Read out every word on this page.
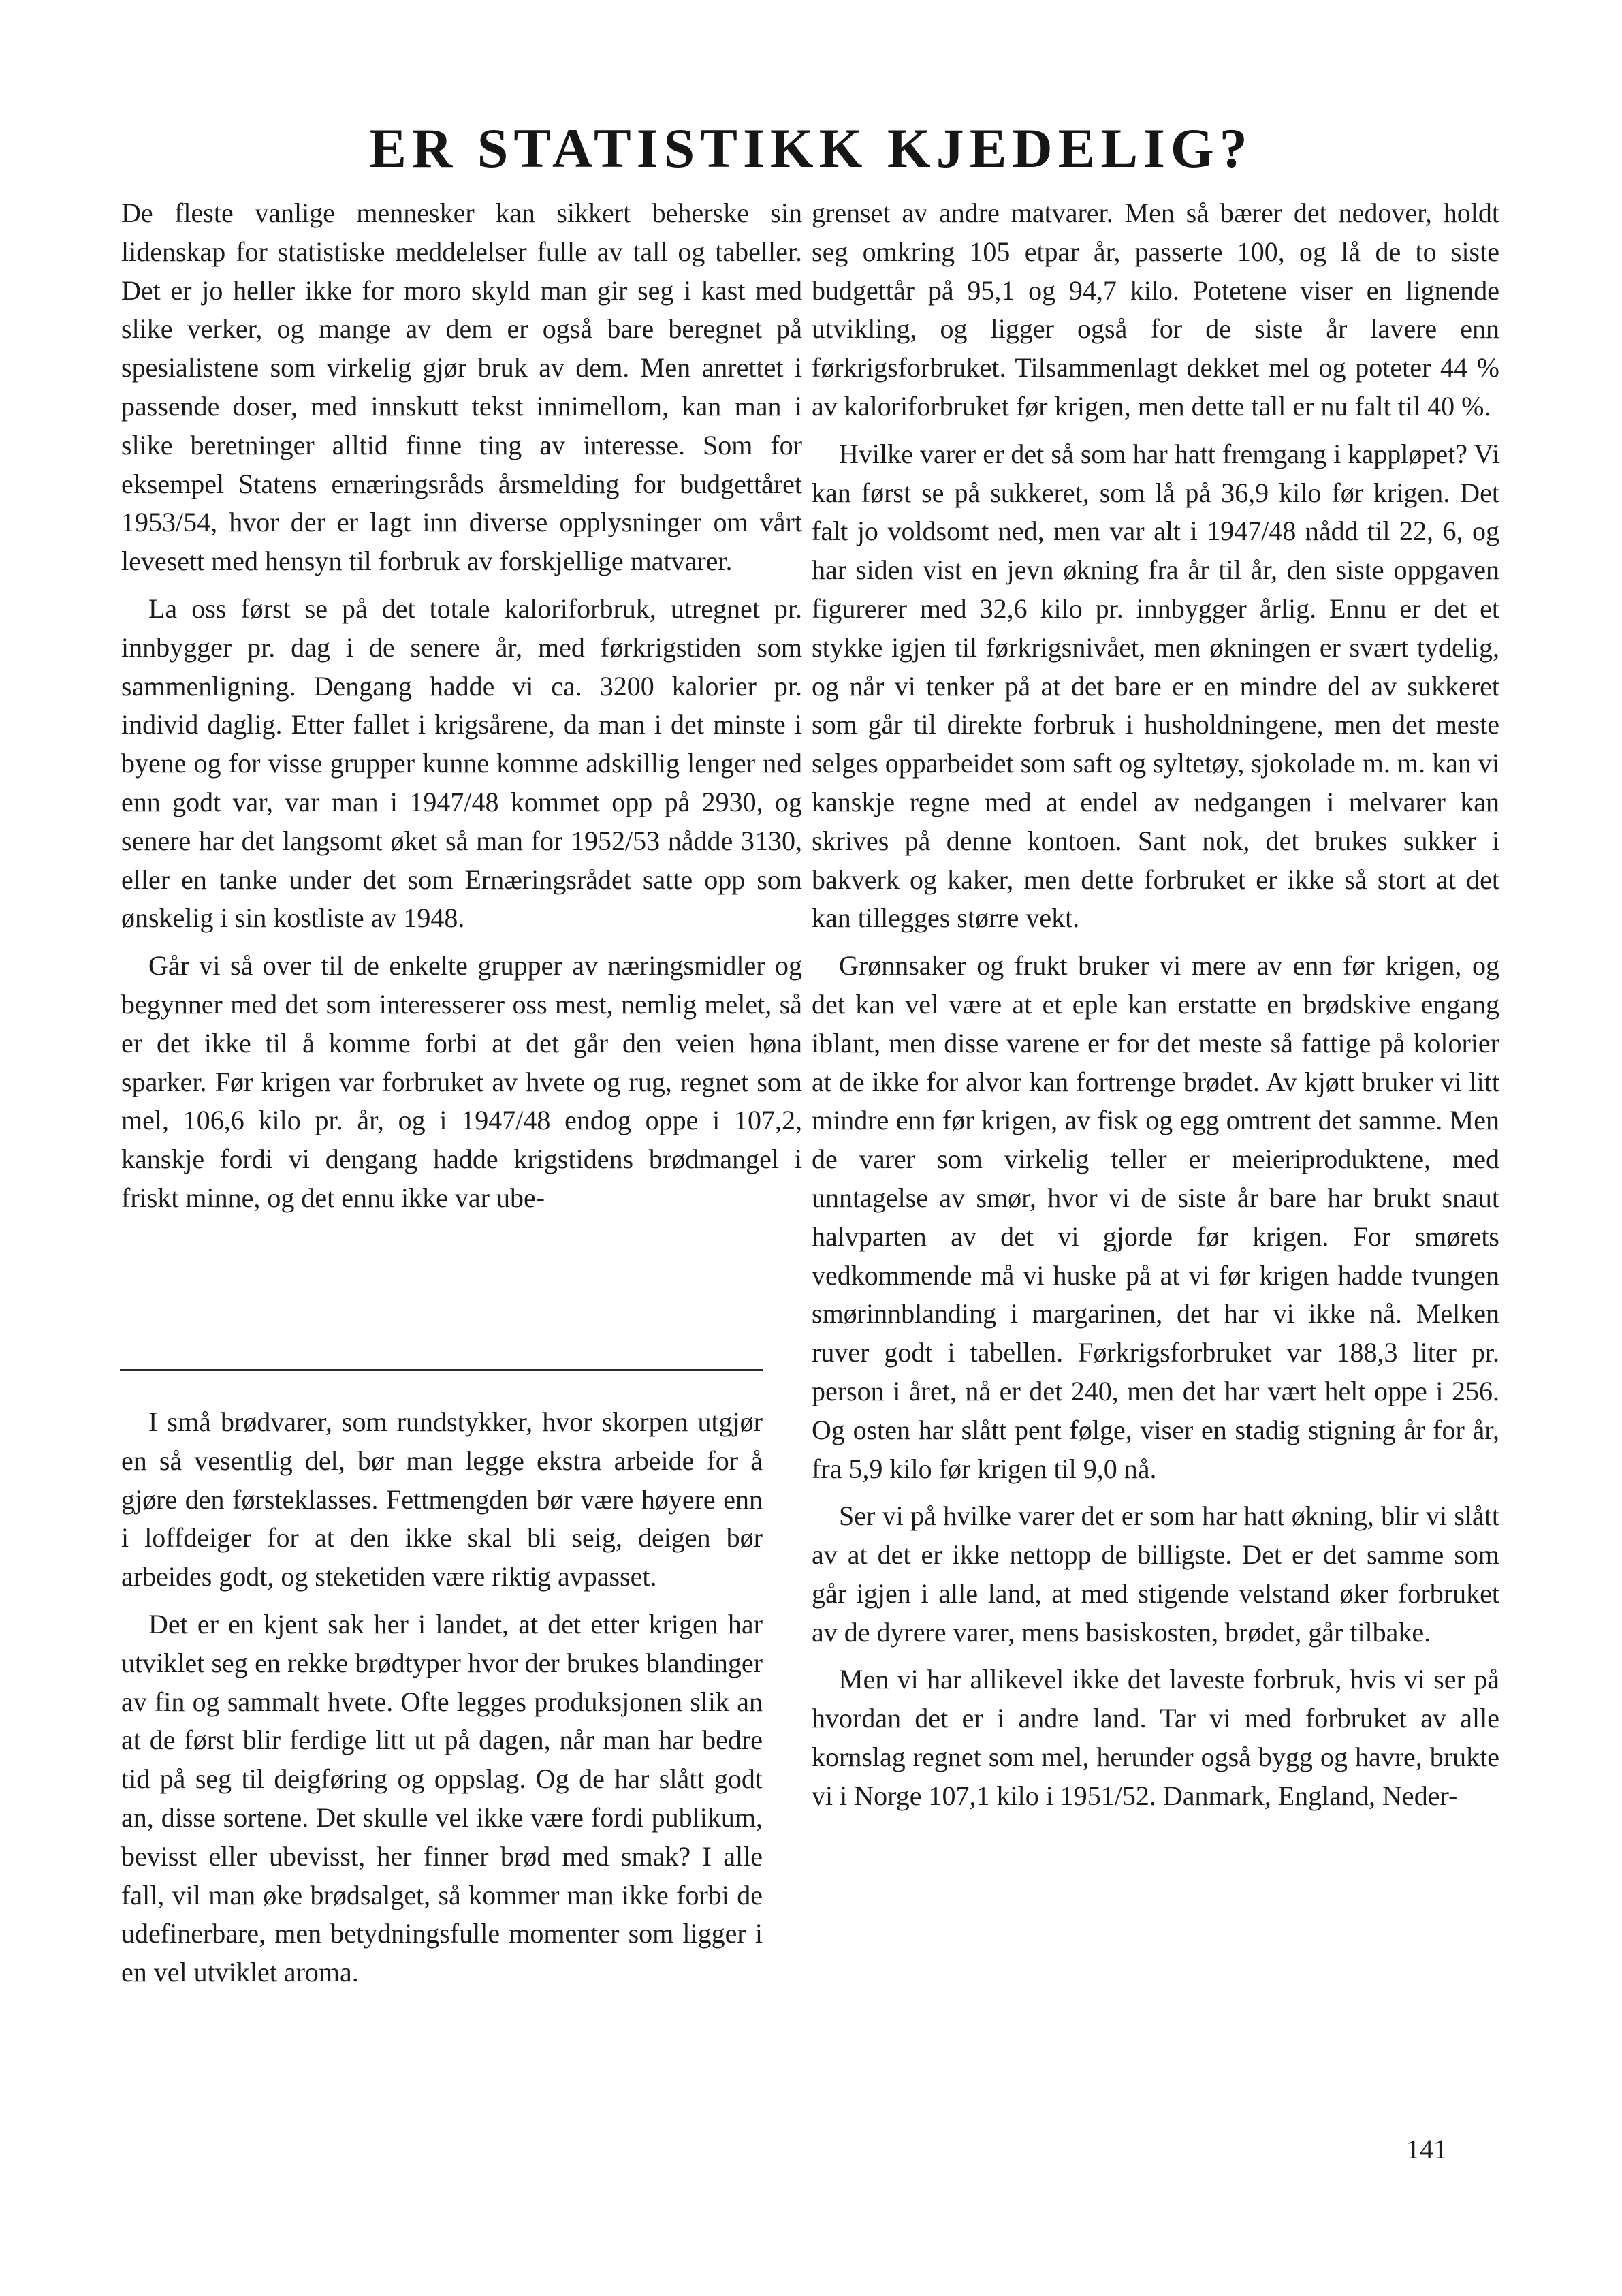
ER STATISTIKK KJEDELIG?

De fleste vanlige mennesker kan sikkert beherske sin lidenskap for statistiske meddelelser fulle av tall og tabeller. Det er jo heller ikke for moro skyld man gir seg i kast med slike verker, og mange av dem er også bare beregnet på spesialistene som virkelig gjør bruk av dem. Men anrettet i passende doser, med innskutt tekst innimellom, kan man i slike beretninger alltid finne ting av interesse. Som for eksempel Statens ernæringsråds årsmelding for budgettåret 1953/54, hvor der er lagt inn diverse opplysninger om vårt levesett med hensyn til forbruk av forskjellige matvarer.

La oss først se på det totale kaloriforbruk, utregnet pr. innbygger pr. dag i de senere år, med førkrigstiden som sammenligning. Dengang hadde vi ca. 3200 kalorier pr. individ daglig. Etter fallet i krigsårene, da man i det minste i byene og for visse grupper kunne komme adskillig lenger ned enn godt var, var man i 1947/48 kommet opp på 2930, og senere har det langsomt øket så man for 1952/53 nådde 3130, eller en tanke under det som Ernæringsrådet satte opp som ønskelig i sin kostliste av 1948.

Går vi så over til de enkelte grupper av næringsmidler og begynner med det som interesserer oss mest, nemlig melet, så er det ikke til å komme forbi at det går den veien høna sparker. Før krigen var forbruket av hvete og rug, regnet som mel, 106,6 kilo pr. år, og i 1947/48 endog oppe i 107,2, kanskje fordi vi dengang hadde krigstidens brødmangel i friskt minne, og det ennu ikke var ube-

I små brødvarer, som rundstykker, hvor skorpen utgjør en så vesentlig del, bør man legge ekstra arbeide for å gjøre den førsteklasses. Fettmengden bør være høyere enn i loffdeiger for at den ikke skal bli seig, deigen bør arbeides godt, og steketiden være riktig avpasset.

Det er en kjent sak her i landet, at det etter krigen har utviklet seg en rekke brødtyper hvor der brukes blandinger av fin og sammalt hvete. Ofte legges produksjonen slik an at de først blir ferdige litt ut på dagen, når man har bedre tid på seg til deigføring og oppslag. Og de har slått godt an, disse sortene. Det skulle vel ikke være fordi publikum, bevisst eller ubevisst, her finner brød med smak? I alle fall, vil man øke brødsalget, så kommer man ikke forbi de udefinerbare, men betydningsfulle momenter som ligger i en vel utviklet aroma.

grenset av andre matvarer. Men så bærer det nedover, holdt seg omkring 105 etpar år, passerte 100, og lå de to siste budgettår på 95,1 og 94,7 kilo. Potetene viser en lignende utvikling, og ligger også for de siste år lavere enn førkrigsforbruket. Tilsammenlagt dekket mel og poteter 44 % av kaloriforbruket før krigen, men dette tall er nu falt til 40 %.

Hvilke varer er det så som har hatt fremgang i kappløpet? Vi kan først se på sukkeret, som lå på 36,9 kilo før krigen. Det falt jo voldsomt ned, men var alt i 1947/48 nådd til 22, 6, og har siden vist en jevn økning fra år til år, den siste oppgaven figurerer med 32,6 kilo pr. innbygger årlig. Ennu er det et stykke igjen til førkrigsnivået, men økningen er svært tydelig, og når vi tenker på at det bare er en mindre del av sukkeret som går til direkte forbruk i husholdningene, men det meste selges opparbeidet som saft og syltetøy, sjokolade m. m. kan vi kanskje regne med at endel av nedgangen i melvarer kan skrives på denne kontoen. Sant nok, det brukes sukker i bakverk og kaker, men dette forbruket er ikke så stort at det kan tillegges større vekt.

Grønnsaker og frukt bruker vi mere av enn før krigen, og det kan vel være at et eple kan erstatte en brødskive engang iblant, men disse varene er for det meste så fattige på kolorier at de ikke for alvor kan fortrenge brødet. Av kjøtt bruker vi litt mindre enn før krigen, av fisk og egg omtrent det samme. Men de varer som virkelig teller er meieriproduktene, med unntagelse av smør, hvor vi de siste år bare har brukt snaut halvparten av det vi gjorde før krigen. For smørets vedkommende må vi huske på at vi før krigen hadde tvungen smørinnblanding i margarinen, det har vi ikke nå. Melken ruver godt i tabellen. Førkrigsforbruket var 188,3 liter pr. person i året, nå er det 240, men det har vært helt oppe i 256. Og osten har slått pent følge, viser en stadig stigning år for år, fra 5,9 kilo før krigen til 9,0 nå.

Ser vi på hvilke varer det er som har hatt økning, blir vi slått av at det er ikke nettopp de billigste. Det er det samme som går igjen i alle land, at med stigende velstand øker forbruket av de dyrere varer, mens basiskosten, brødet, går tilbake.

Men vi har allikevel ikke det laveste forbruk, hvis vi ser på hvordan det er i andre land. Tar vi med forbruket av alle kornslag regnet som mel, herunder også bygg og havre, brukte vi i Norge 107,1 kilo i 1951/52. Danmark, England, Neder-

141
